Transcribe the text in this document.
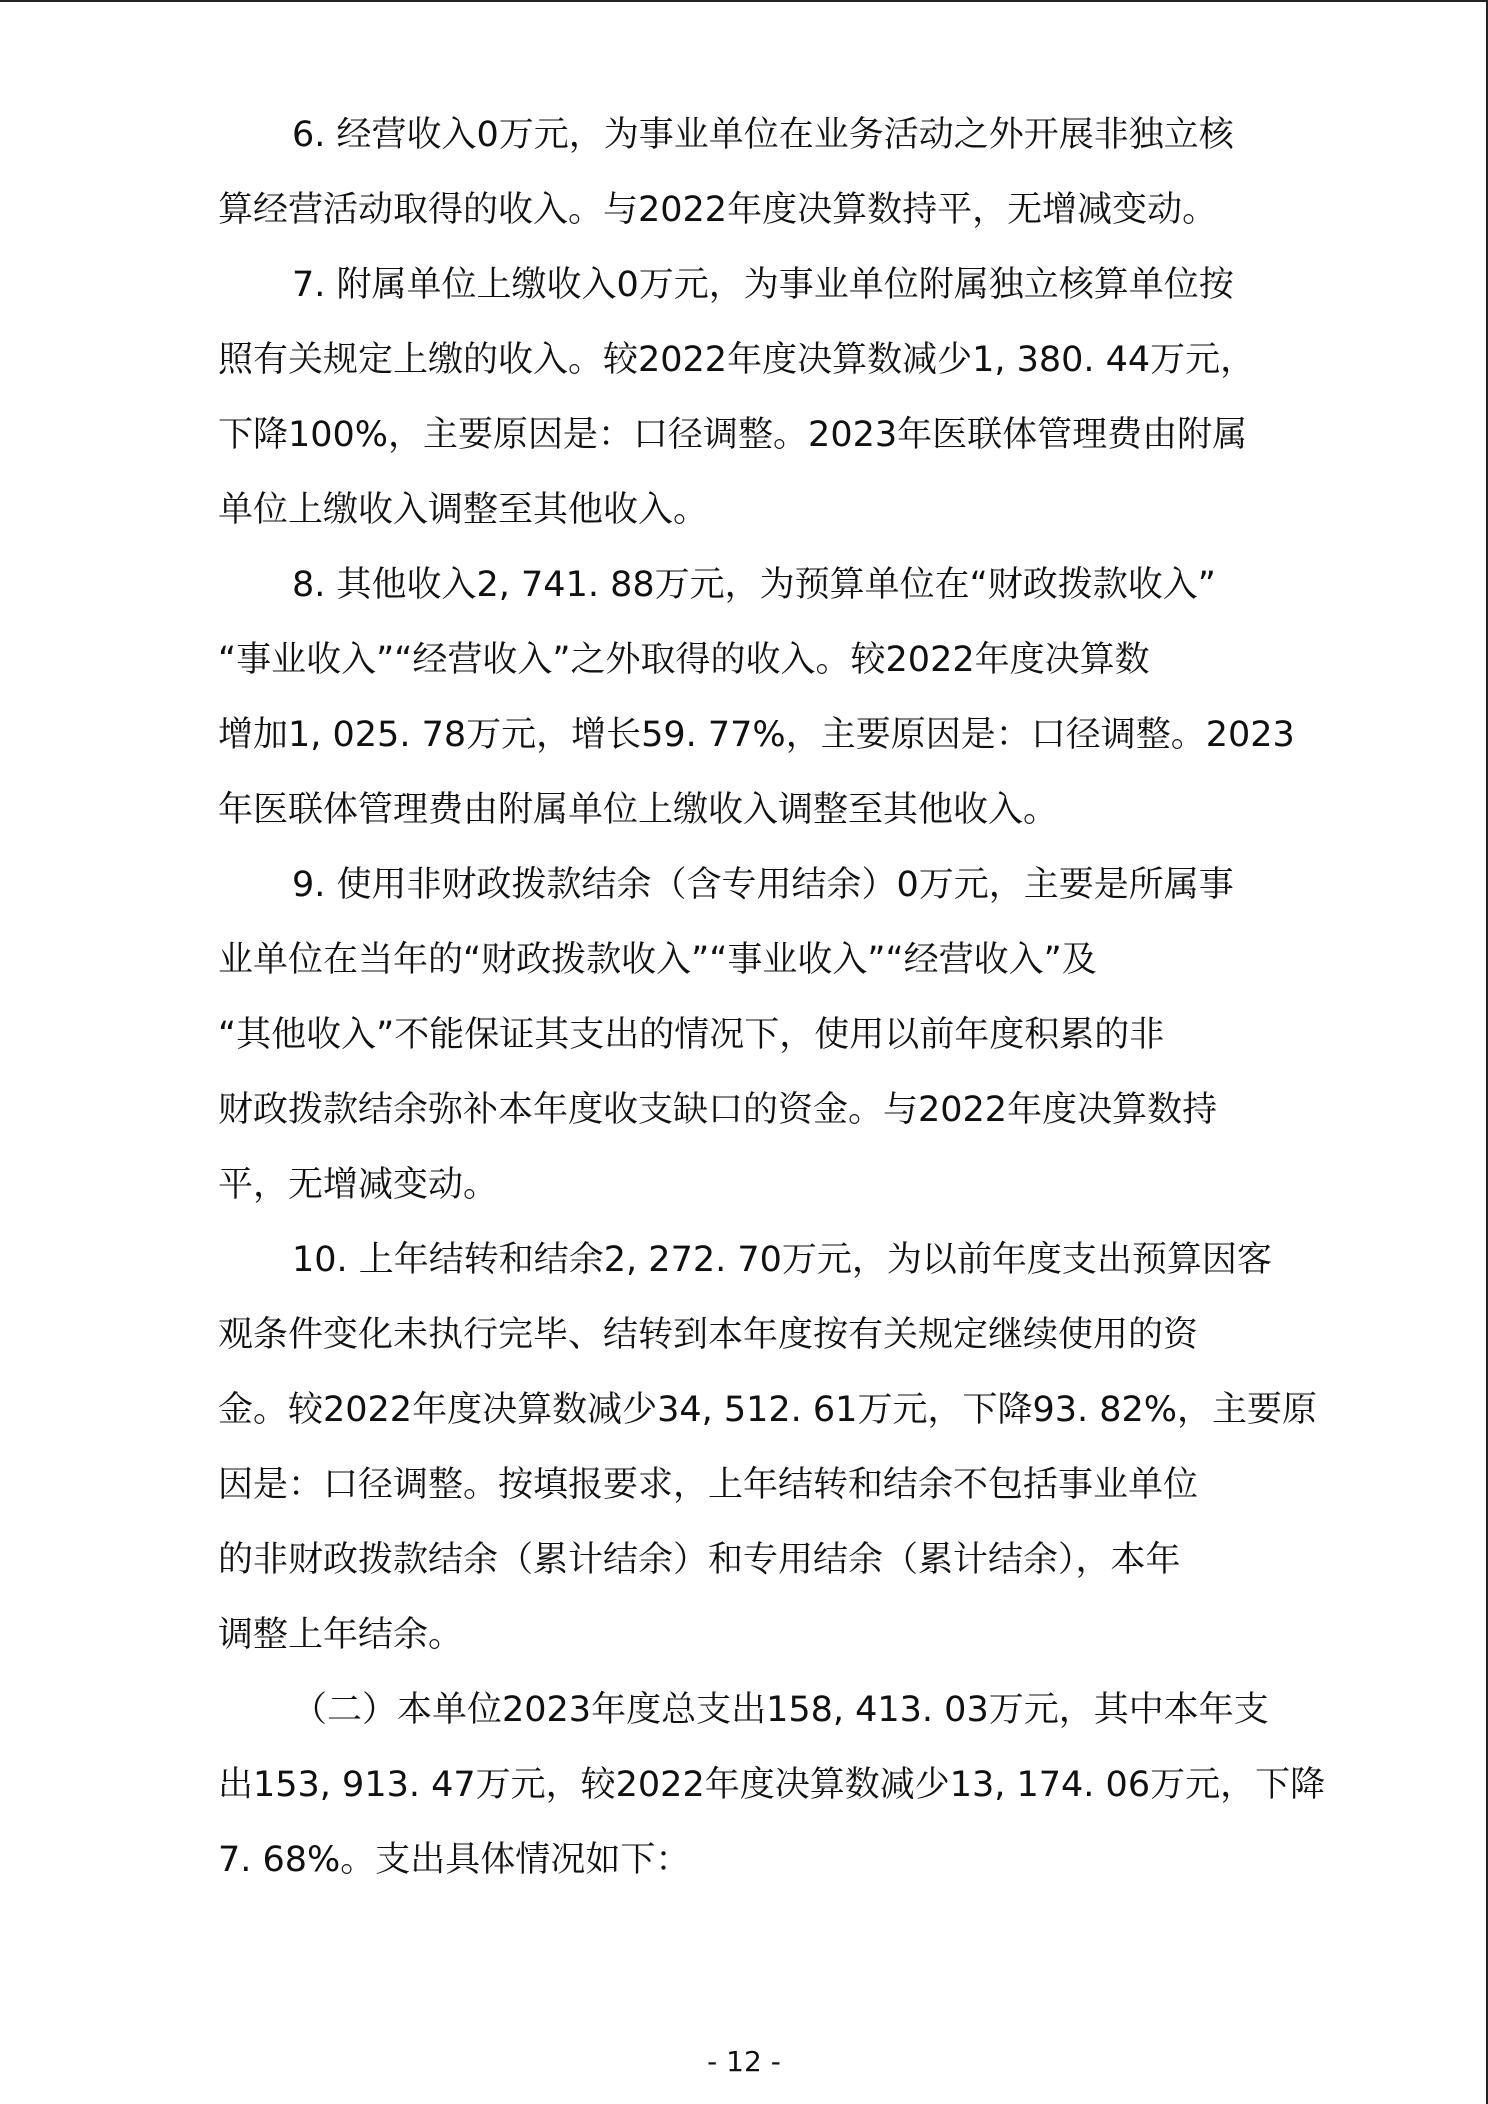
6. 经营收入0万元，为事业单位在业务活动之外开展非独立核
算经营活动取得的收入。与2022年度决算数持平，无增减变动。
7. 附属单位上缴收入0万元，为事业单位附属独立核算单位按
照有关规定上缴的收入。较2022年度决算数减少1, 380. 44万元，
下降100%，主要原因是：口径调整。2023年医联体管理费由附属
单位上缴收入调整至其他收入。
8. 其他收入2, 741. 88万元，为预算单位在“财政拨款收入”
“事业收入”“经营收入”之外取得的收入。较2022年度决算数
增加1, 025. 78万元，增长59. 77%，主要原因是：口径调整。2023
年医联体管理费由附属单位上缴收入调整至其他收入。
9. 使用非财政拨款结余（含专用结余）0万元，主要是所属事
业单位在当年的“财政拨款收入”“事业收入”“经营收入”及
“其他收入”不能保证其支出的情况下，使用以前年度积累的非
财政拨款结余弥补本年度收支缺口的资金。与2022年度决算数持
平，无增减变动。
10. 上年结转和结余2, 272. 70万元，为以前年度支出预算因客
观条件变化未执行完毕、结转到本年度按有关规定继续使用的资
金。较2022年度决算数减少34, 512. 61万元，下降93. 82%，主要原
因是：口径调整。按填报要求，上年结转和结余不包括事业单位
的非财政拨款结余（累计结余）和专用结余（累计结余），本年
调整上年结余。
（二）本单位2023年度总支出158, 413. 03万元，其中本年支
出153, 913. 47万元，较2022年度决算数减少13, 174. 06万元，下降
7. 68%。支出具体情况如下：
- 12 -
